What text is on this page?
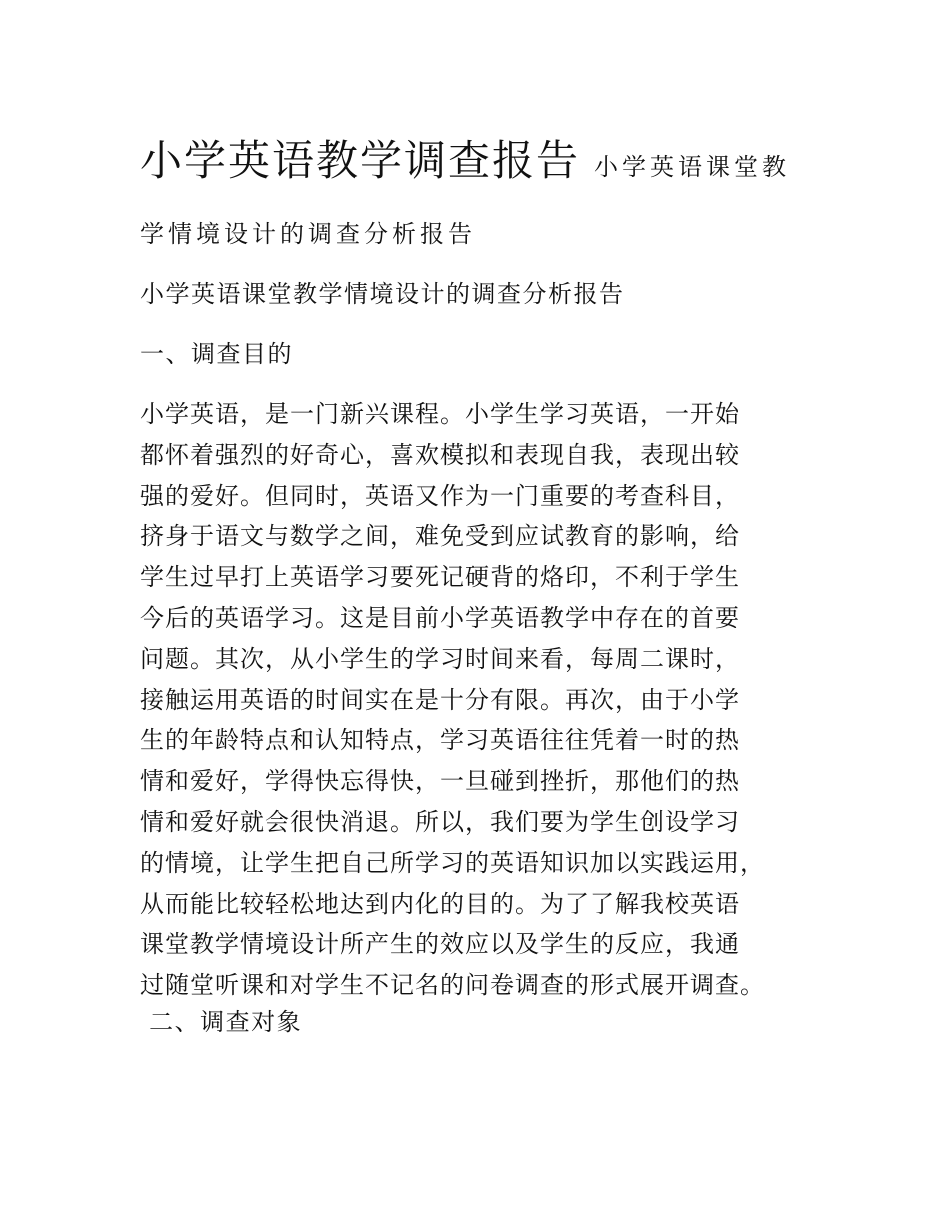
小学英语教学调查报告 小学英语课堂教
学情境设计的调查分析报告
小学英语课堂教学情境设计的调查分析报告
一、调查目的
小学英语，是一门新兴课程。小学生学习英语，一开始
都怀着强烈的好奇心，喜欢模拟和表现自我，表现出较
强的爱好。但同时，英语又作为一门重要的考查科目，
挤身于语文与数学之间，难免受到应试教育的影响，给
学生过早打上英语学习要死记硬背的烙印，不利于学生
今后的英语学习。这是目前小学英语教学中存在的首要
问题。其次，从小学生的学习时间来看，每周二课时，
接触运用英语的时间实在是十分有限。再次，由于小学
生的年龄特点和认知特点，学习英语往往凭着一时的热
情和爱好，学得快忘得快，一旦碰到挫折，那他们的热
情和爱好就会很快消退。所以，我们要为学生创设学习
的情境，让学生把自己所学习的英语知识加以实践运用，
从而能比较轻松地达到内化的目的。为了了解我校英语
课堂教学情境设计所产生的效应以及学生的反应，我通
过随堂听课和对学生不记名的问卷调查的形式展开调查。
二、调查对象
